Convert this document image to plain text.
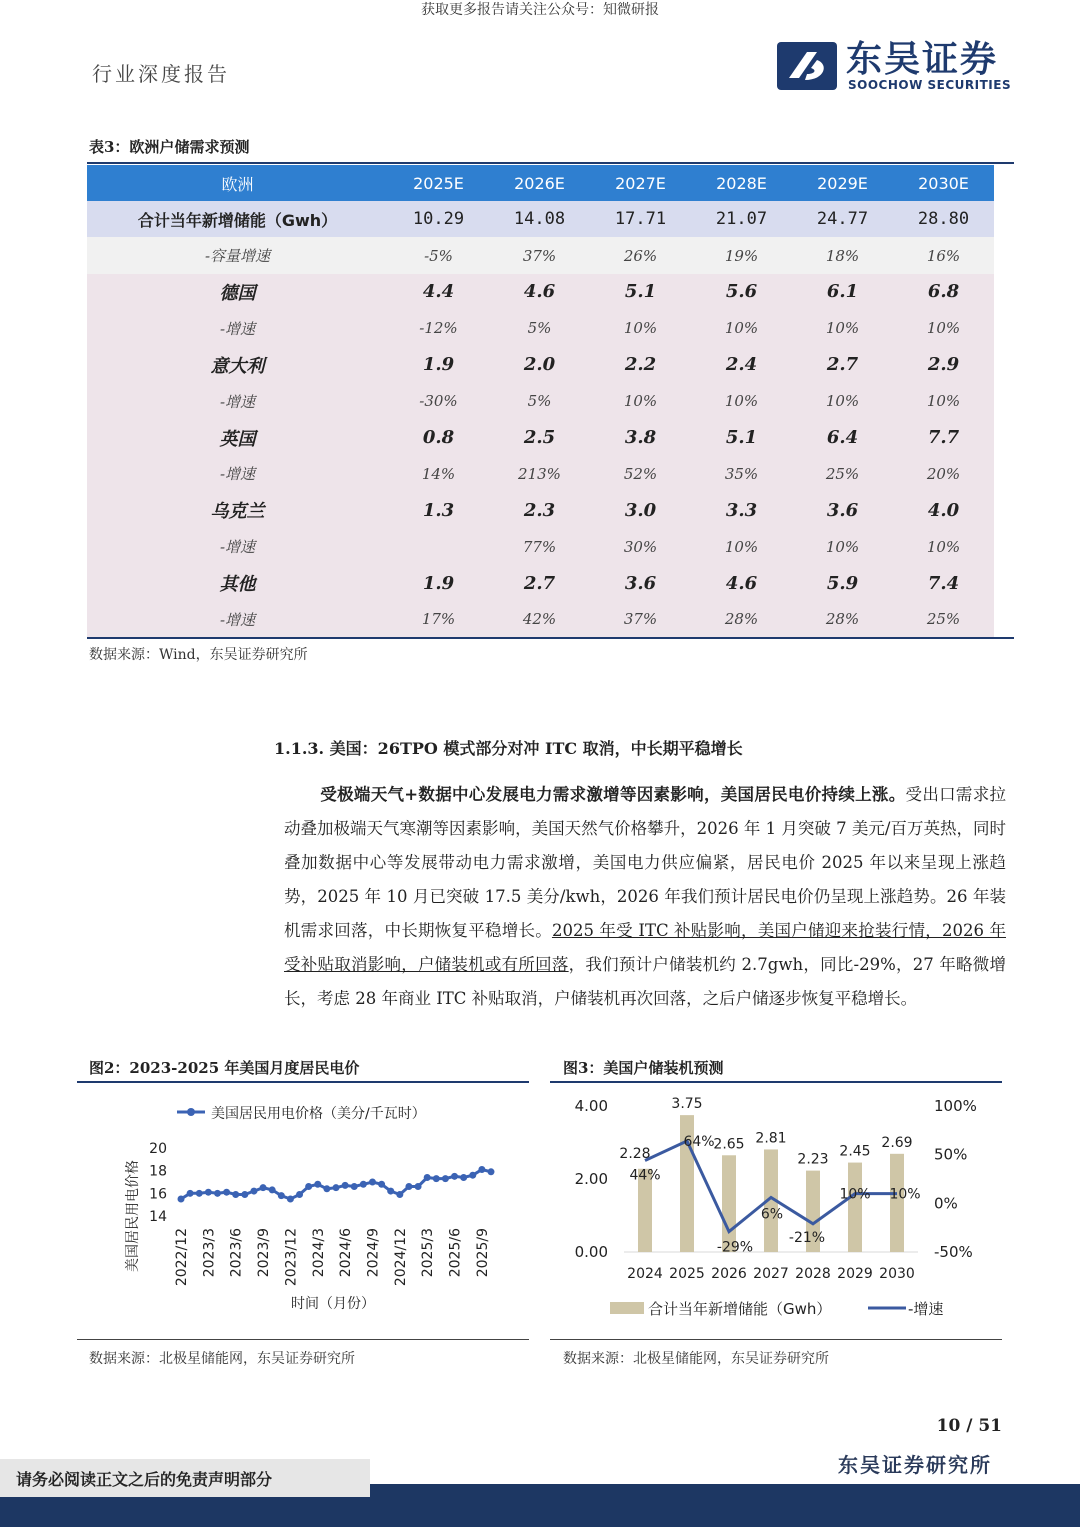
获取更多报告请关注公众号：知微研报
行业深度报告	东吴证券
SOOCHOW SECURITIES
表3：欧洲户储需求预测
欧洲	2025E	2026E	2027E	2028E	2029E	2030E
合计当年新增储能（Gwh）	10.29	14.08	17.71	21.07	24.77	28.80
-容量增速	-5%	37%	26%	19%	18%	16%
德国	4.4	4.6	5.1	5.6	6.1	6.8
-增速	-12%	5%	10%	10%	10%	10%
意大利	1.9	2.0	2.2	2.4	2.7	2.9
-增速	-30%	5%	10%	10%	10%	10%
英国	0.8	2.5	3.8	5.1	6.4	7.7
-增速	14%	213%	52%	35%	25%	20%
乌克兰	1.3	2.3	3.0	3.3	3.6	4.0
-增速		77%	30%	10%	10%	10%
其他	1.9	2.7	3.6	4.6	5.9	7.4
-增速	17%	42%	37%	28%	28%	25%
数据来源：Wind，东吴证券研究所
1.1.3. 美国：26TPO 模式部分对冲 ITC 取消，中长期平稳增长
受极端天气+数据中心发展电力需求激增等因素影响，美国居民电价持续上涨。受出口需求拉动叠加极端天气寒潮等因素影响，美国天然气价格攀升，2026 年 1 月突破 7 美元/百万英热，同时叠加数据中心等发展带动电力需求激增，美国电力供应偏紧，居民电价 2025 年以来呈现上涨趋势，2025 年 10 月已突破 17.5 美分/kwh，2026 年我们预计居民电价仍呈现上涨趋势。26 年装机需求回落，中长期恢复平稳增长。2025 年受 ITC 补贴影响，美国户储迎来抢装行情，2026 年受补贴取消影响，户储装机或有所回落，我们预计户储装机约 2.7gwh，同比-29%，27 年略微增长，考虑 28 年商业 ITC 补贴取消，户储装机再次回落，之后户储逐步恢复平稳增长。
图2：2023-2025 年美国月度居民电价
美国居民用电价格（美分/千瓦时）
美国居民用电价格
时间（月份）
14
16
18
20
2022/12 2023/3 2023/6 2023/9 2023/12 2024/3 2024/6 2024/9 2024/12 2025/3 2025/6 2025/9
数据来源：北极星储能网，东吴证券研究所
图3：美国户储装机预测
0.00
2.00
4.00
-50%
0%
50%
100%
2.28
3.75
2.65 2.81
2.23
2.45
2.69
44%
64%
-29%
6%
-21%
10% 10%
2024 2025 2026 2027 2028 2029 2030
合计当年新增储能（Gwh）	-增速
数据来源：北极星储能网，东吴证券研究所
10 / 51
东吴证券研究所
请务必阅读正文之后的免责声明部分
